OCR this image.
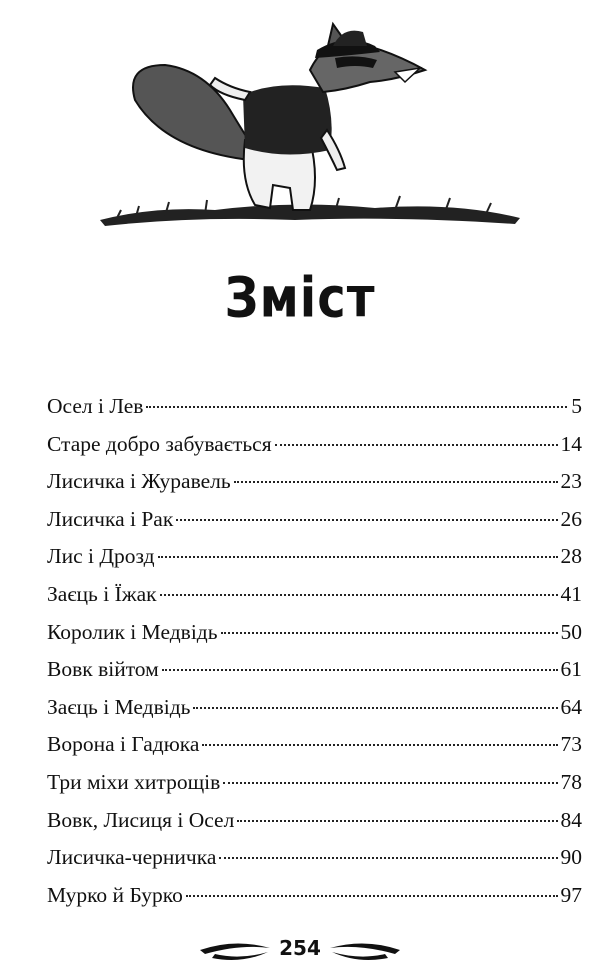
Зміст
Осел і Лев	5
Старе добро забувається	14
Лисичка і Журавель	23
Лисичка і Рак	26
Лис і Дрозд	28
Заєць і Їжак	41
Королик і Медвідь	50
Вовк війтом	61
Заєць і Медвідь	64
Ворона і Гадюка	73
Три міхи хитрощів	78
Вовк, Лисиця і Осел	84
Лисичка-черничка	90
Мурко й Бурко	97
254
